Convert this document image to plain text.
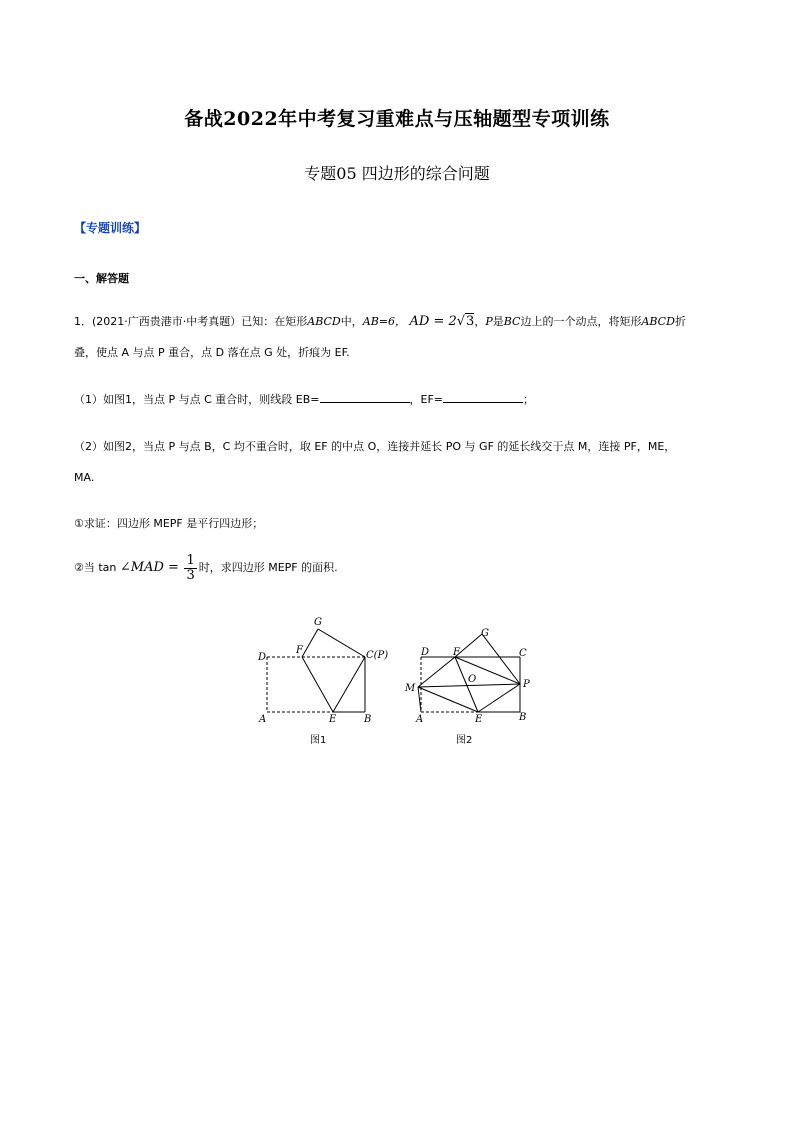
备战2022年中考复习重难点与压轴题型专项训练
专题05 四边形的综合问题
【专题训练】
一、解答题
1．(2021·广西贵港市·中考真题）已知：在矩形ABCD中，AB=6， AD = 2√3，P是BC边上的一个动点，将矩形ABCD折
叠，使点 A 与点 P 重合，点 D 落在点 G 处，折痕为 EF.
（1）如图1，当点 P 与点 C 重合时，则线段 EB=	，EF=	；
（2）如图2，当点 P 与点 B，C 均不重合时，取 EF 的中点 O，连接并延长 PO 与 GF 的延长线交于点 M，连接 PF，ME，
MA.
①求证：四边形 MEPF 是平行四边形；
②当 tan ∠MAD = $\frac{1}{3}$ 时，求四边形 MEPF 的面积.
G
F
D	C(P)
A	E	B
图1
G
D F	C
M
O	P
A	E	B
图2
